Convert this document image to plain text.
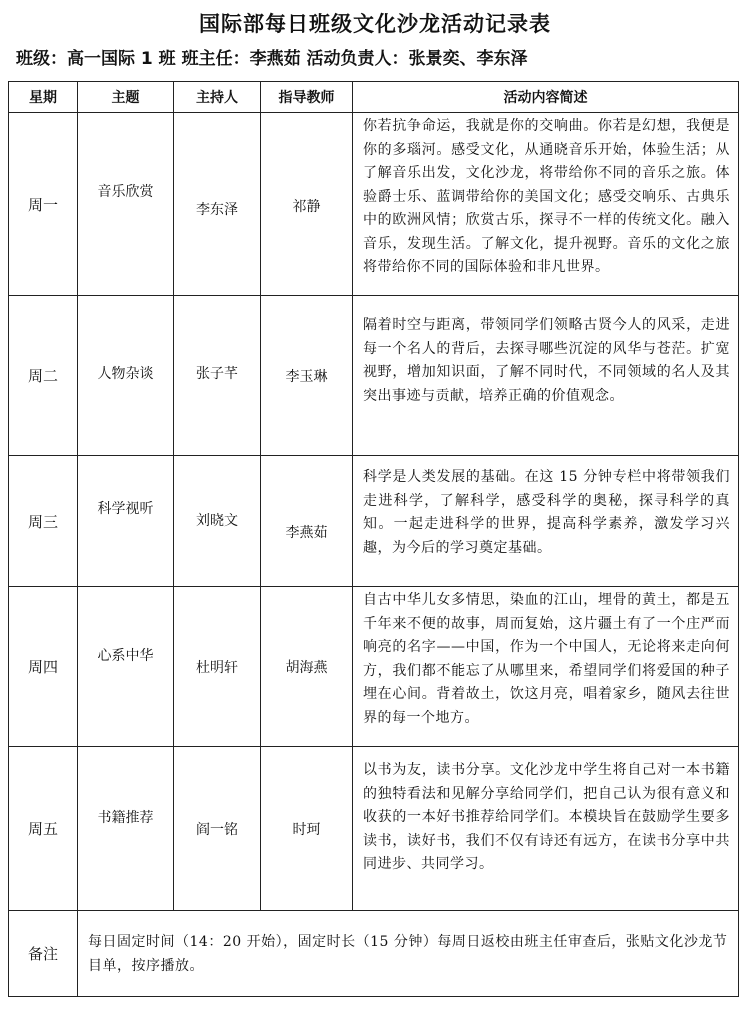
国际部每日班级文化沙龙活动记录表
班级：高一国际 1 班 班主任：李燕茹 活动负责人：张景奕、李东泽
星期	主题	主持人	指导教师	活动内容简述
周一	音乐欣赏	李东泽	祁静	你若抗争命运，我就是你的交响曲。你若是幻想，我便是你的多瑙河。感受文化，从通晓音乐开始，体验生活；从了解音乐出发，文化沙龙，将带给你不同的音乐之旅。体验爵士乐、蓝调带给你的美国文化；感受交响乐、古典乐中的欧洲风情；欣赏古乐，探寻不一样的传统文化。融入音乐，发现生活。了解文化，提升视野。音乐的文化之旅将带给你不同的国际体验和非凡世界。
周二	人物杂谈	张子芊	李玉琳	隔着时空与距离，带领同学们领略古贤今人的风采，走进每一个名人的背后，去探寻哪些沉淀的风华与苍茫。扩宽视野，增加知识面，了解不同时代，不同领域的名人及其突出事迹与贡献，培养正确的价值观念。
周三	科学视听	刘晓文	李燕茹	科学是人类发展的基础。在这 15 分钟专栏中将带领我们走进科学，了解科学，感受科学的奥秘，探寻科学的真知。一起走进科学的世界，提高科学素养，激发学习兴趣，为今后的学习奠定基础。
周四	心系中华	杜明轩	胡海燕	自古中华儿女多情思，染血的江山，埋骨的黄土，都是五千年来不便的故事，周而复始，这片疆土有了一个庄严而响亮的名字——中国，作为一个中国人，无论将来走向何方，我们都不能忘了从哪里来，希望同学们将爱国的种子埋在心间。背着故土，饮这月亮，唱着家乡，随风去往世界的每一个地方。
周五	书籍推荐	阎一铭	时珂	以书为友，读书分享。文化沙龙中学生将自己对一本书籍的独特看法和见解分享给同学们，把自己认为很有意义和收获的一本好书推荐给同学们。本模块旨在鼓励学生要多读书，读好书，我们不仅有诗还有远方，在读书分享中共同进步、共同学习。
备注	每日固定时间（14：20 开始），固定时长（15 分钟）每周日返校由班主任审查后，张贴文化沙龙节目单，按序播放。			
